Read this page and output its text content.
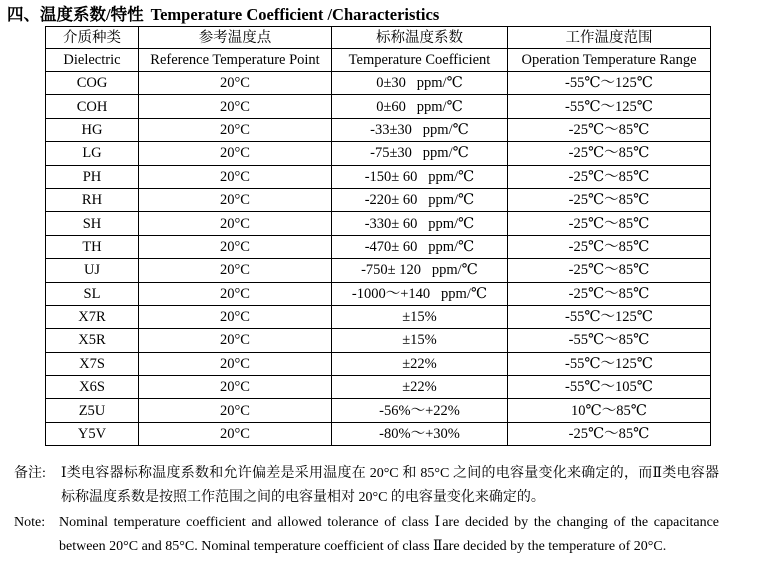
四、温度系数/特性 Temperature Coefficient /Characteristics
介质种类	参考温度点	标称温度系数	工作温度范围
Dielectric	Reference Temperature Point	Temperature Coefficient	Operation Temperature Range
COG	20°C	0±30   ppm/℃	-55℃～125℃
COH	20°C	0±60   ppm/℃	-55℃～125℃
HG	20°C	-33±30   ppm/℃	-25℃～85℃
LG	20°C	-75±30   ppm/℃	-25℃～85℃
PH	20°C	-150± 60   ppm/℃	-25℃～85℃
RH	20°C	-220± 60   ppm/℃	-25℃～85℃
SH	20°C	-330± 60   ppm/℃	-25℃～85℃
TH	20°C	-470± 60   ppm/℃	-25℃～85℃
UJ	20°C	-750± 120   ppm/℃	-25℃～85℃
SL	20°C	-1000～+140   ppm/℃	-25℃～85℃
X7R	20°C	±15%	-55℃～125℃
X5R	20°C	±15%	-55℃～85℃
X7S	20°C	±22%	-55℃～125℃
X6S	20°C	±22%	-55℃～105℃
Z5U	20°C	-56%～+22%	10℃～85℃
Y5V	20°C	-80%～+30%	-25℃～85℃
备注:	Ⅰ类电容器标称温度系数和允许偏差是采用温度在 20°C 和 85°C 之间的电容量变化来确定的，而Ⅱ类电容器标称温度系数是按照工作范围之间的电容量相对 20°C 的电容量变化来确定的。
Note: Nominal temperature coefficient and allowed tolerance of class Ⅰare decided by the changing of the capacitance between 20°C and 85°C. Nominal temperature coefficient of class Ⅱare decided by the temperature of 20°C.
